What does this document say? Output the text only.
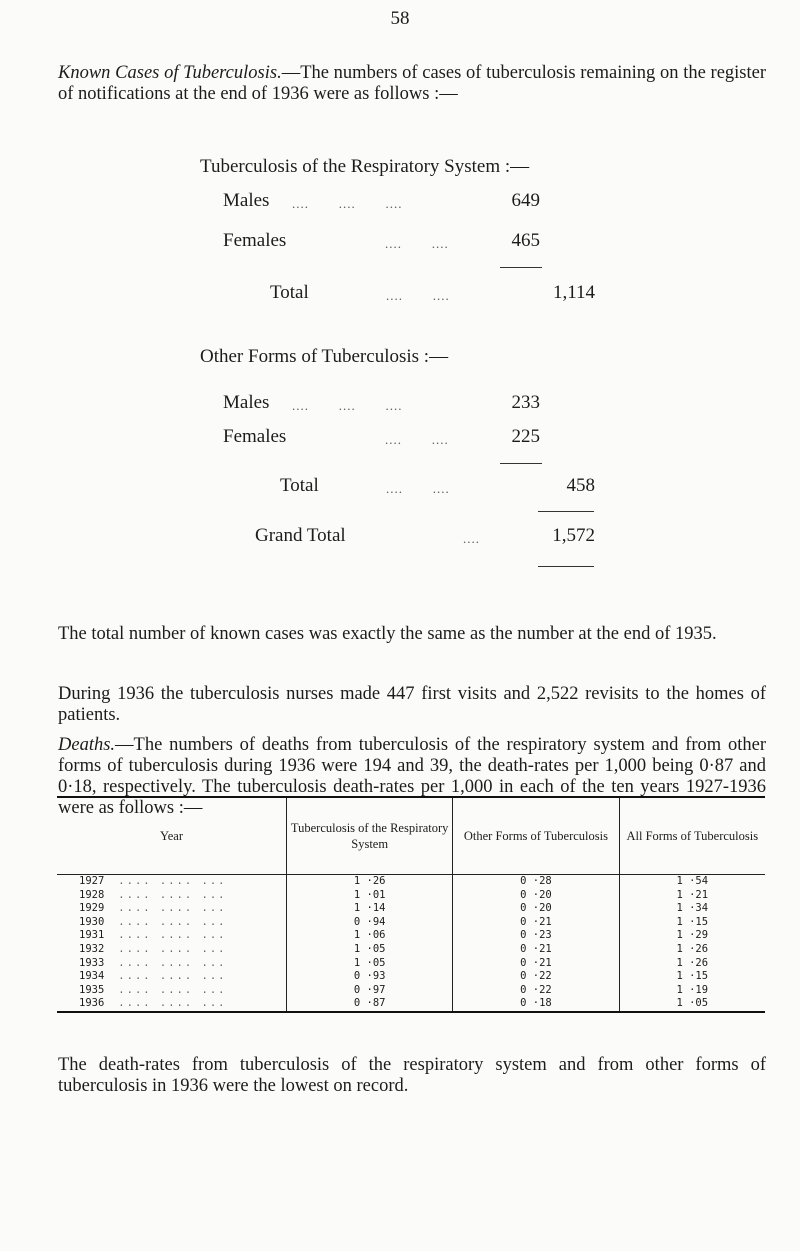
58

Known Cases of Tuberculosis.—The numbers of cases of tuberculosis remaining on the register of notifications at the end of 1936 were as follows :—

Tuberculosis of the Respiratory System :—
Males ....       ....       ....	649
Females	....       ....	465
Total	....       ....	1,114
Other Forms of Tuberculosis :—
Males ....       ....       ....	233
Females	....       ....	225
Total	....       ....	458
Grand Total	....	1,572

The total number of known cases was exactly the same as the number at the end of 1935.

During 1936 the tuberculosis nurses made 447 first visits and 2,522 revisits to the homes of patients.

Deaths.—The numbers of deaths from tuberculosis of the respiratory system and from other forms of tuberculosis during 1936 were 194 and 39, the death-rates per 1,000 being 0·87 and 0·18, respectively. The tuberculosis death-rates per 1,000 in each of the ten years 1927-1936 were as follows :—

Year	Tuberculosis of the Respiratory System	Other Forms of Tuberculosis	All Forms of Tuberculosis
1927 .... .... ...	1 ·26	0 ·28	1 ·54
1928 .... .... ...	1 ·01	0 ·20	1 ·21
1929 .... .... ...	1 ·14	0 ·20	1 ·34
1930 .... .... ...	0 ·94	0 ·21	1 ·15
1931 .... .... ...	1 ·06	0 ·23	1 ·29
1932 .... .... ...	1 ·05	0 ·21	1 ·26
1933 .... .... ...	1 ·05	0 ·21	1 ·26
1934 .... .... ...	0 ·93	0 ·22	1 ·15
1935 .... .... ...	0 ·97	0 ·22	1 ·19
1936 .... .... ...	0 ·87	0 ·18	1 ·05

The death-rates from tuberculosis of the respiratory system and from other forms of tuberculosis in 1936 were the lowest on record.
